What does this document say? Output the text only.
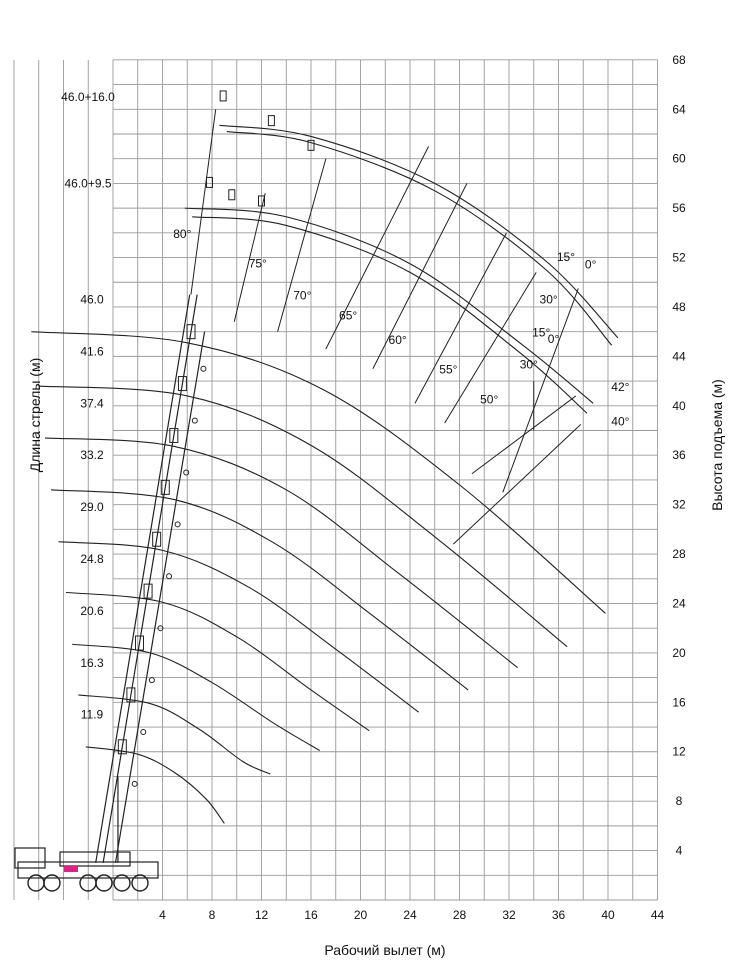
4	8	12	16	20	24	28	32	36	40	44
4
8
12
16
20
24
28
32
36
40
44
48
52
56
60
64
68
11.9
16.3
20.6
24.8
29.0
33.2
37.4
41.6
46.0
46.0+9.5
46.0+16.0
80°
75°
70°
65°
60°
55°
50°
0°
15°
30°
0°
15°
30°
42°
40°
Рабочий вылет (м)
Длина стрелы (м)	Высота подъема (м)
